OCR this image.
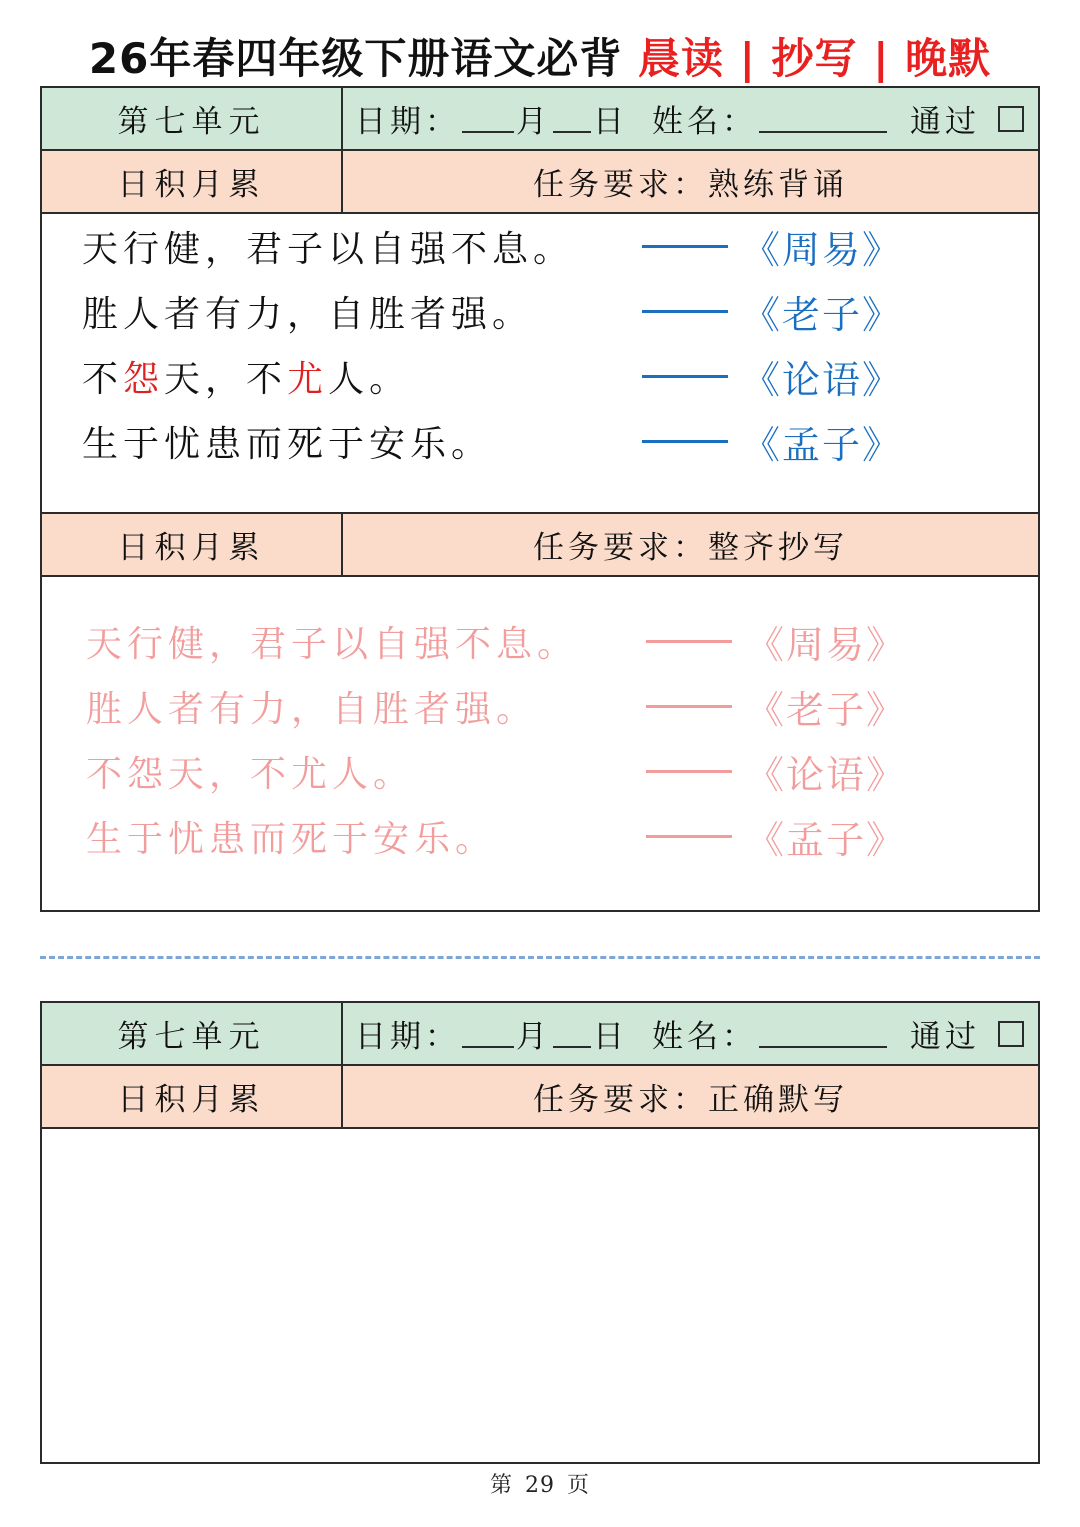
26年春四年级下册语文必背 晨读 | 抄写 | 晚默
第七单元	日期： 月 日 姓名：	通过
日积月累	任务要求：熟练背诵
天行健，君子以自强不息。	《周易》
胜人者有力，自胜者强。	《老子》
不怨天，不尤人。	《论语》
生于忧患而死于安乐。	《孟子》
日积月累	任务要求：整齐抄写
天行健，君子以自强不息。	《周易》
胜人者有力，自胜者强。	《老子》
不怨天，不尤人。	《论语》
生于忧患而死于安乐。	《孟子》
第七单元	日期： 月 日 姓名：	通过
日积月累	任务要求：正确默写
第 29 页
